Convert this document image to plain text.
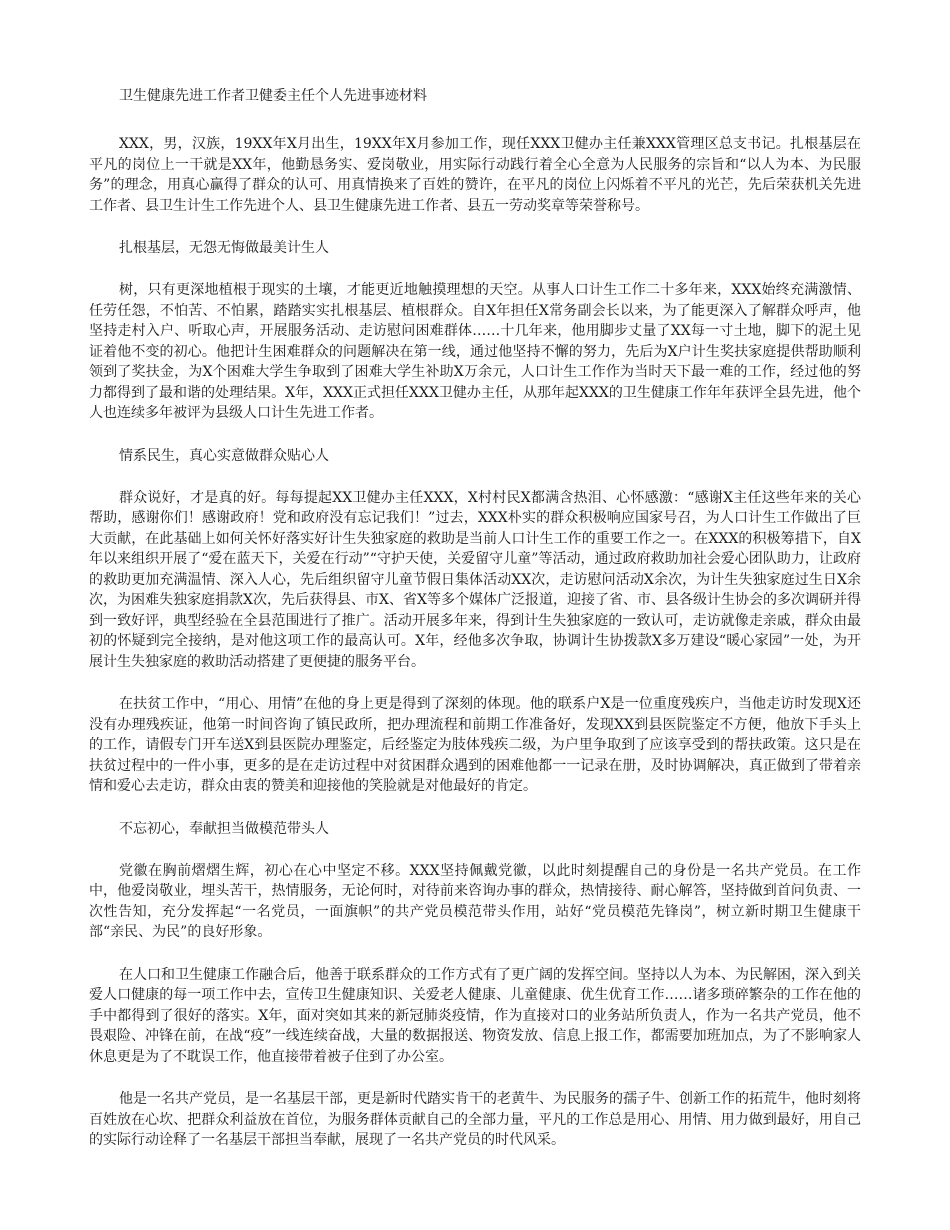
卫生健康先进工作者卫健委主任个人先进事迹材料

XXX，男，汉族，19XX年X月出生，19XX年X月参加工作，现任XXX卫健办主任兼XXX管理区总支书记。扎根基层在平凡的岗位上一干就是XX年，他勤恳务实、爱岗敬业，用实际行动践行着全心全意为人民服务的宗旨和“以人为本、为民服务”的理念，用真心赢得了群众的认可、用真情换来了百姓的赞许，在平凡的岗位上闪烁着不平凡的光芒，先后荣获机关先进工作者、县卫生计生工作先进个人、县卫生健康先进工作者、县五一劳动奖章等荣誉称号。

扎根基层，无怨无悔做最美计生人

树，只有更深地植根于现实的土壤，才能更近地触摸理想的天空。从事人口计生工作二十多年来，XXX始终充满激情、任劳任怨，不怕苦、不怕累，踏踏实实扎根基层、植根群众。自X年担任X常务副会长以来，为了能更深入了解群众呼声，他坚持走村入户、听取心声，开展服务活动、走访慰问困难群体……十几年来，他用脚步丈量了XX每一寸土地，脚下的泥土见证着他不变的初心。他把计生困难群众的问题解决在第一线，通过他坚持不懈的努力，先后为X户计生奖扶家庭提供帮助顺利领到了奖扶金，为X个困难大学生争取到了困难大学生补助X万余元，人口计生工作作为当时天下最一难的工作，经过他的努力都得到了最和谐的处理结果。X年，XXX正式担任XXX卫健办主任，从那年起XXX的卫生健康工作年年获评全县先进，他个人也连续多年被评为县级人口计生先进工作者。

情系民生，真心实意做群众贴心人

群众说好，才是真的好。每每提起XX卫健办主任XXX，X村村民X都满含热泪、心怀感激：“感谢X主任这些年来的关心帮助，感谢你们！感谢政府！党和政府没有忘记我们！”过去，XXX朴实的群众积极响应国家号召，为人口计生工作做出了巨大贡献，在此基础上如何关怀好落实好计生失独家庭的救助是当前人口计生工作的重要工作之一。在XXX的积极筹措下，自X年以来组织开展了“爱在蓝天下，关爱在行动”“守护天使，关爱留守儿童”等活动，通过政府救助加社会爱心团队助力，让政府的救助更加充满温情、深入人心，先后组织留守儿童节假日集体活动XX次，走访慰问活动X余次，为计生失独家庭过生日X余次，为困难失独家庭捐款X次，先后获得县、市X、省X等多个媒体广泛报道，迎接了省、市、县各级计生协会的多次调研并得到一致好评，典型经验在全县范围进行了推广。活动开展多年来，得到计生失独家庭的一致认可，走访就像走亲戚，群众由最初的怀疑到完全接纳，是对他这项工作的最高认可。X年，经他多次争取，协调计生协拨款X多万建设“暖心家园”一处，为开展计生失独家庭的救助活动搭建了更便捷的服务平台。

在扶贫工作中，“用心、用情”在他的身上更是得到了深刻的体现。他的联系户X是一位重度残疾户，当他走访时发现X还没有办理残疾证，他第一时间咨询了镇民政所，把办理流程和前期工作准备好，发现XX到县医院鉴定不方便，他放下手头上的工作，请假专门开车送X到县医院办理鉴定，后经鉴定为肢体残疾二级，为户里争取到了应该享受到的帮扶政策。这只是在扶贫过程中的一件小事，更多的是在走访过程中对贫困群众遇到的困难他都一一记录在册，及时协调解决，真正做到了带着亲情和爱心去走访，群众由衷的赞美和迎接他的笑脸就是对他最好的肯定。

不忘初心，奉献担当做模范带头人

党徽在胸前熠熠生辉，初心在心中坚定不移。XXX坚持佩戴党徽，以此时刻提醒自己的身份是一名共产党员。在工作中，他爱岗敬业，埋头苦干，热情服务，无论何时，对待前来咨询办事的群众，热情接待、耐心解答，坚持做到首问负责、一次性告知，充分发挥起“一名党员，一面旗帜”的共产党员模范带头作用，站好“党员模范先锋岗”，树立新时期卫生健康干部“亲民、为民”的良好形象。

在人口和卫生健康工作融合后，他善于联系群众的工作方式有了更广阔的发挥空间。坚持以人为本、为民解困，深入到关爱人口健康的每一项工作中去，宣传卫生健康知识、关爱老人健康、儿童健康、优生优育工作……诸多琐碎繁杂的工作在他的手中都得到了很好的落实。X年，面对突如其来的新冠肺炎疫情，作为直接对口的业务站所负责人，作为一名共产党员，他不畏艰险、冲锋在前，在战“疫”一线连续奋战，大量的数据报送、物资发放、信息上报工作，都需要加班加点，为了不影响家人休息更是为了不耽误工作，他直接带着被子住到了办公室。

他是一名共产党员，是一名基层干部，更是新时代踏实肯干的老黄牛、为民服务的孺子牛、创新工作的拓荒牛，他时刻将百姓放在心坎、把群众利益放在首位，为服务群体贡献自己的全部力量，平凡的工作总是用心、用情、用力做到最好，用自己的实际行动诠释了一名基层干部担当奉献，展现了一名共产党员的时代风采。
